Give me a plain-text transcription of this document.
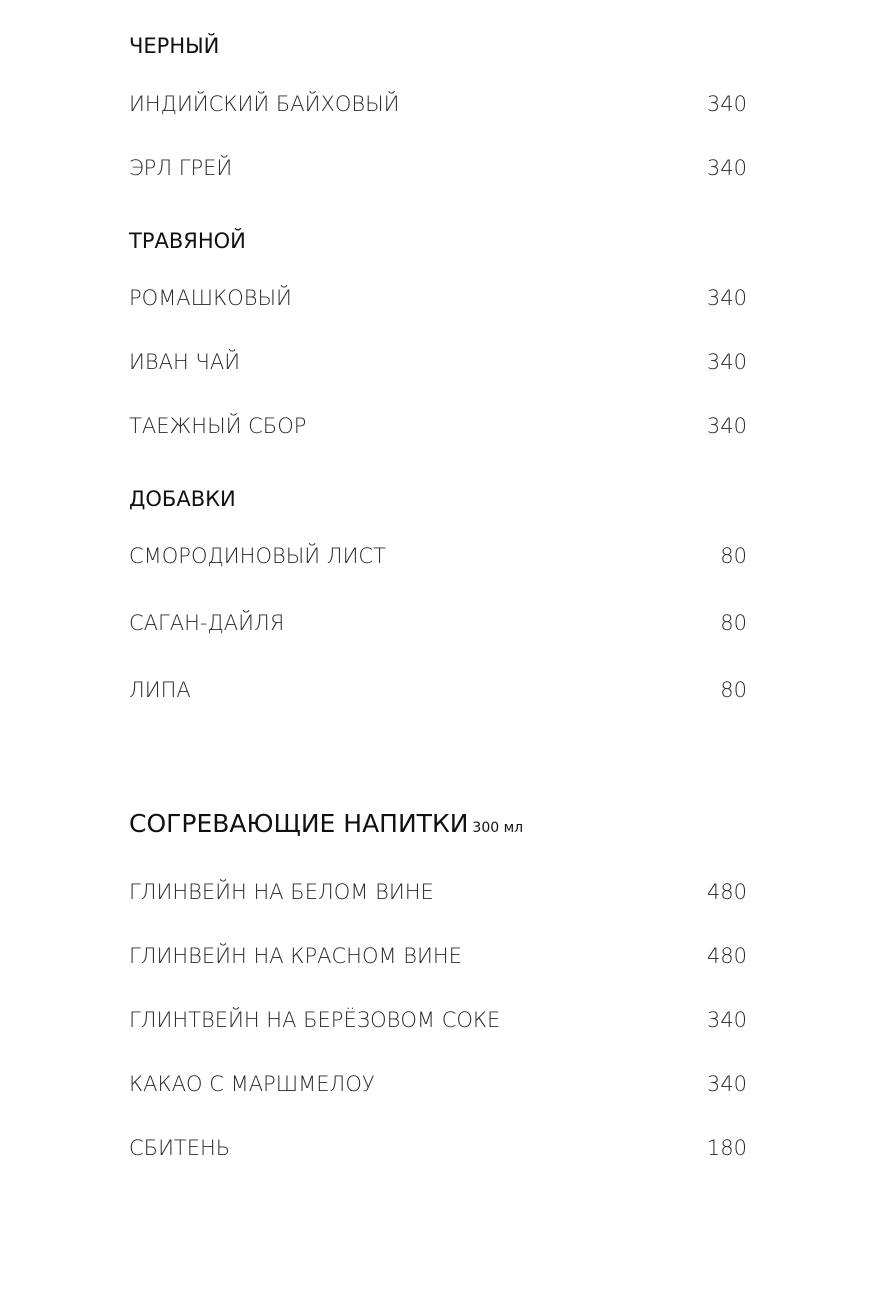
ЧЕРНЫЙ
ИНДИЙСКИЙ БАЙХОВЫЙ	340
ЭРЛ ГРЕЙ	340
ТРАВЯНОЙ
РОМАШКОВЫЙ	340
ИВАН ЧАЙ	340
ТАЕЖНЫЙ СБОР	340
ДОБАВКИ
СМОРОДИНОВЫЙ ЛИСТ	80
САГАН-ДАЙЛЯ	80
ЛИПА	80
СОГРЕВАЮЩИЕ НАПИТКИ 300 мл
ГЛИНВЕЙН НА БЕЛОМ ВИНЕ	480
ГЛИНВЕЙН НА КРАСНОМ ВИНЕ	480
ГЛИНТВЕЙН НА БЕРЁЗОВОМ СОКЕ	340
КАКАО С МАРШМЕЛОУ	340
СБИТЕНЬ	180
